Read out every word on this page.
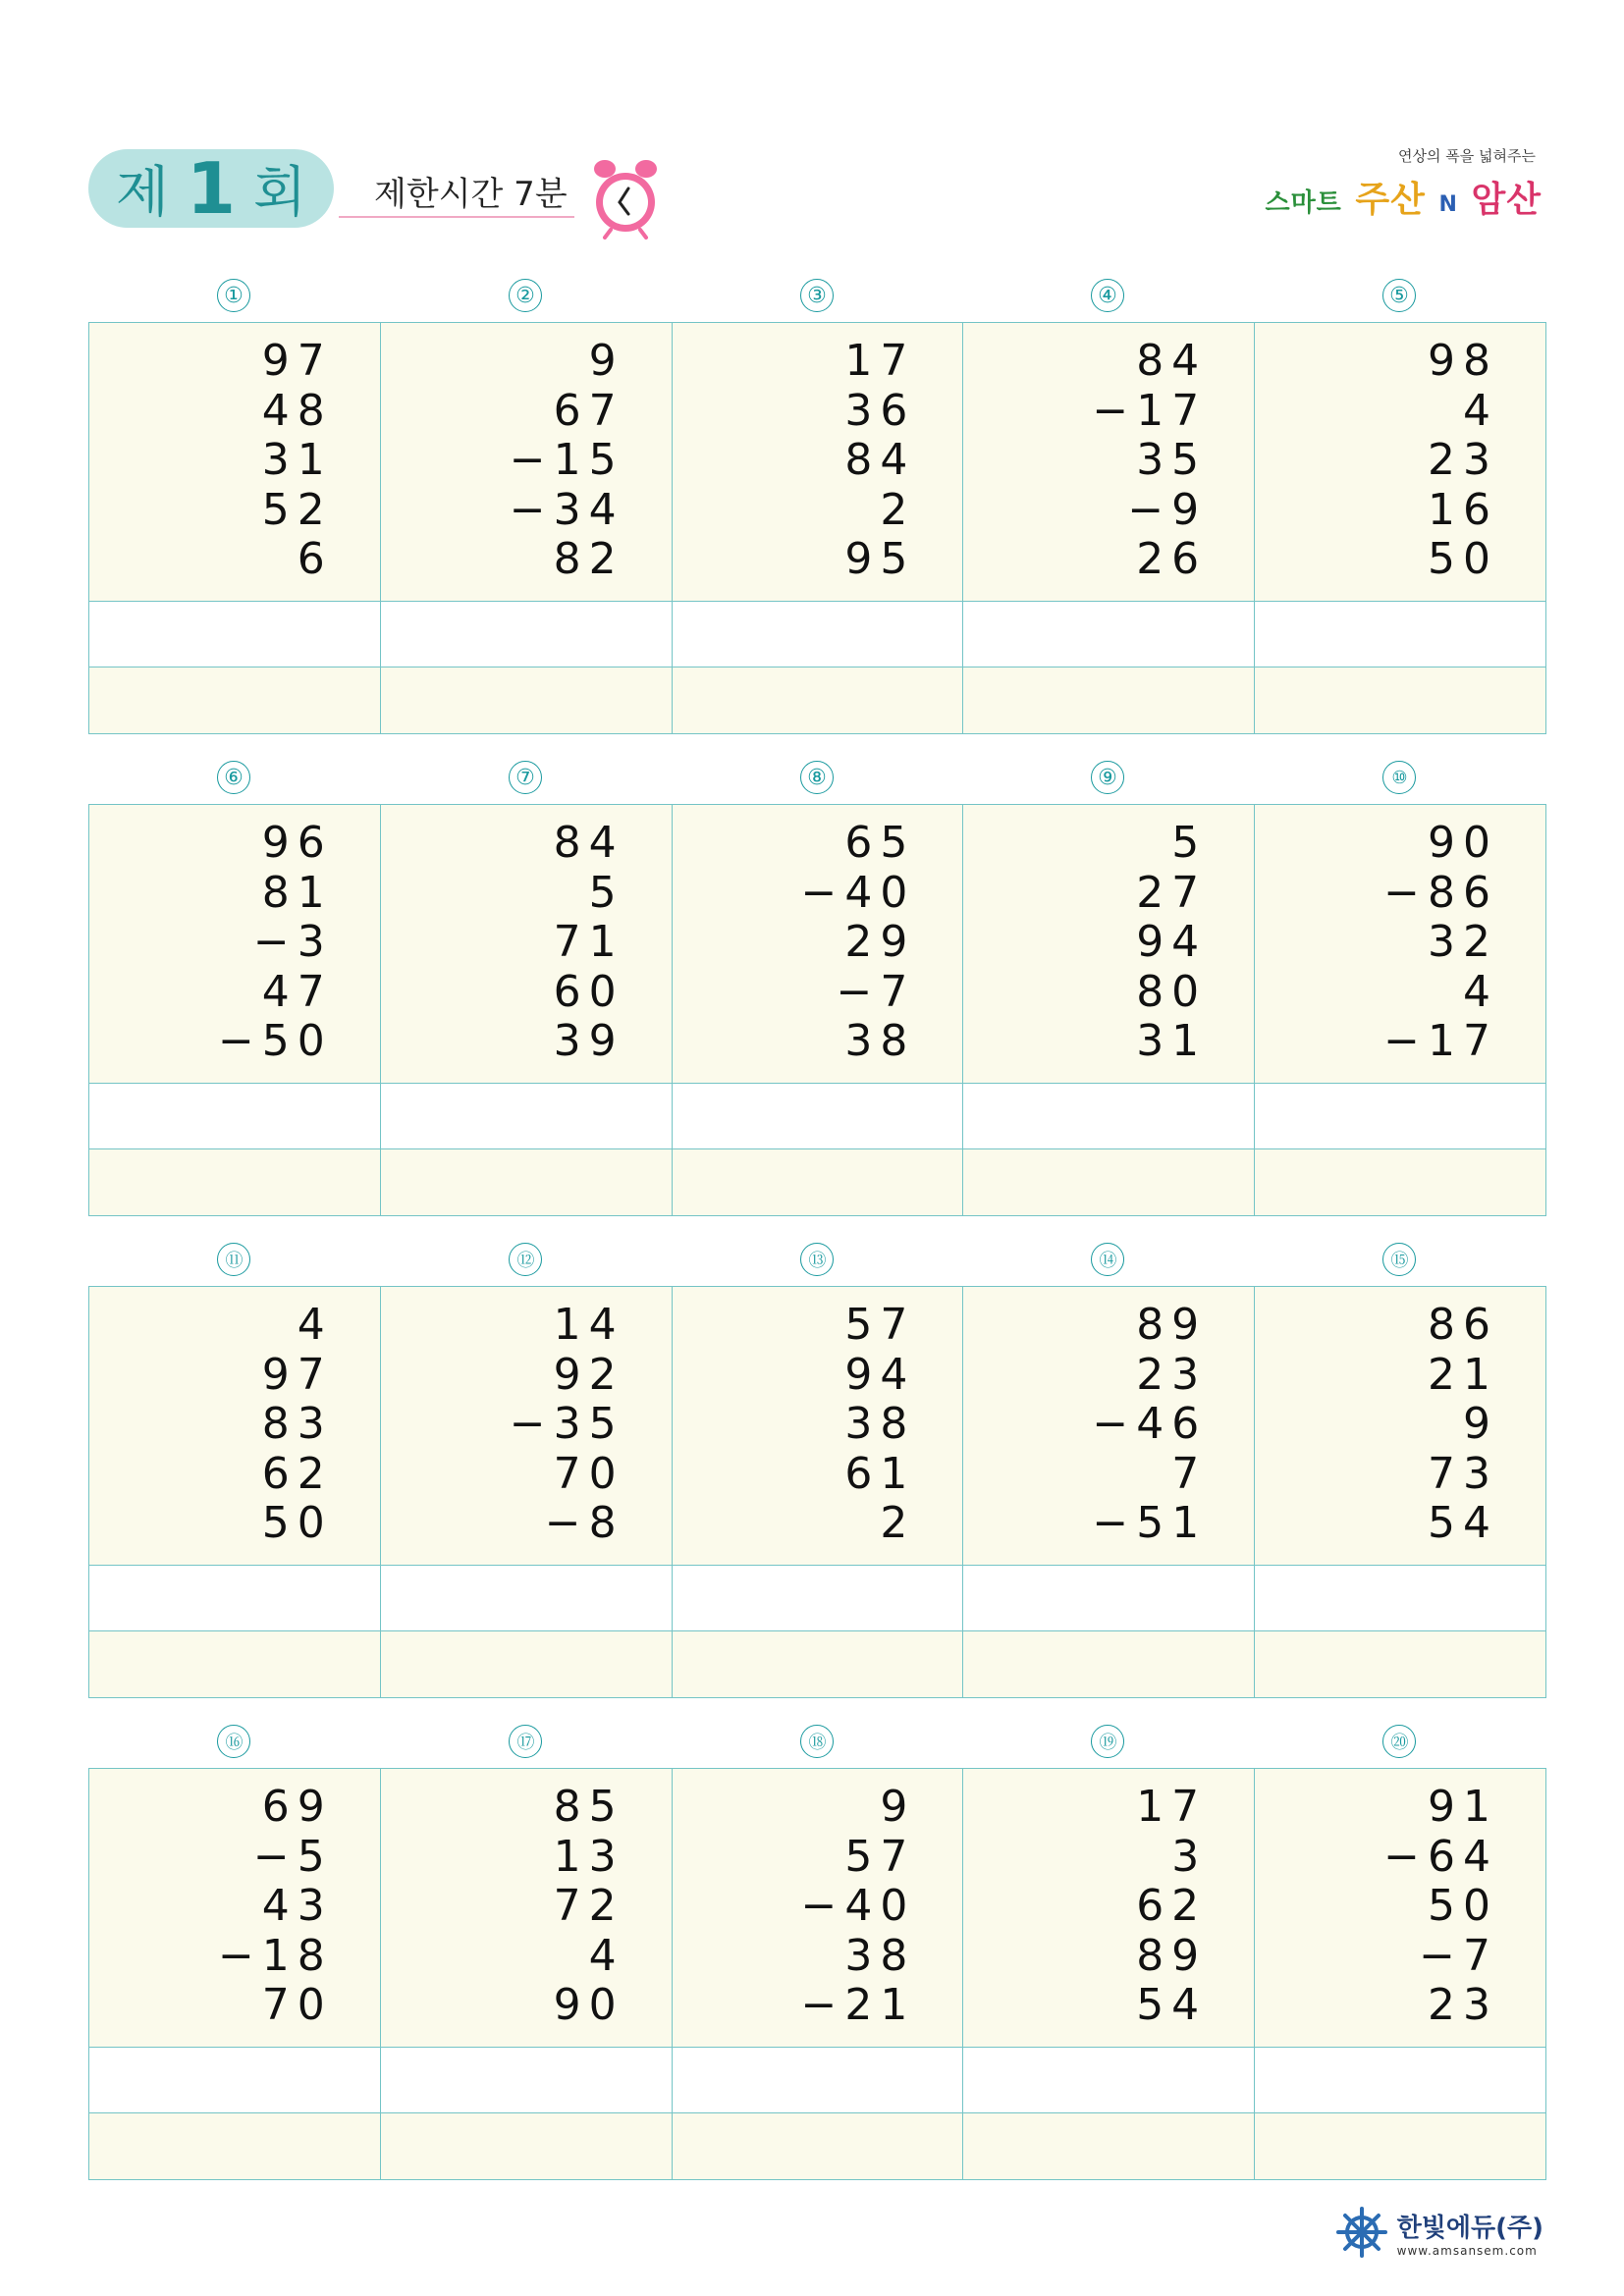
제 1 회 제한시간 7분
연상의 폭을 넓혀주는
스마트 주산 N 암산
①	②	③	④	⑤
97
48
31
52
6
9
67
−15
−34
82
17
36
84
2
95
84
−17
35
−9
26
98
4
23
16
50
⑥	⑦	⑧	⑨	⑩
96
81
−3
47
−50
84
5
71
60
39
65
−40
29
−7
38
5
27
94
80
31
90
−86
32
4
−17
⑪	⑫	⑬	⑭	⑮
4
97
83
62
50
14
92
−35
70
−8
57
94
38
61
2
89
23
−46
7
−51
86
21
9
73
54
⑯	⑰	⑱	⑲	⑳
69
−5
43
−18
70
85
13
72
4
90
9
57
−40
38
−21
17
3
62
89
54
91
−64
50
−7
23
한빛에듀(주)
www.amsansem.com
